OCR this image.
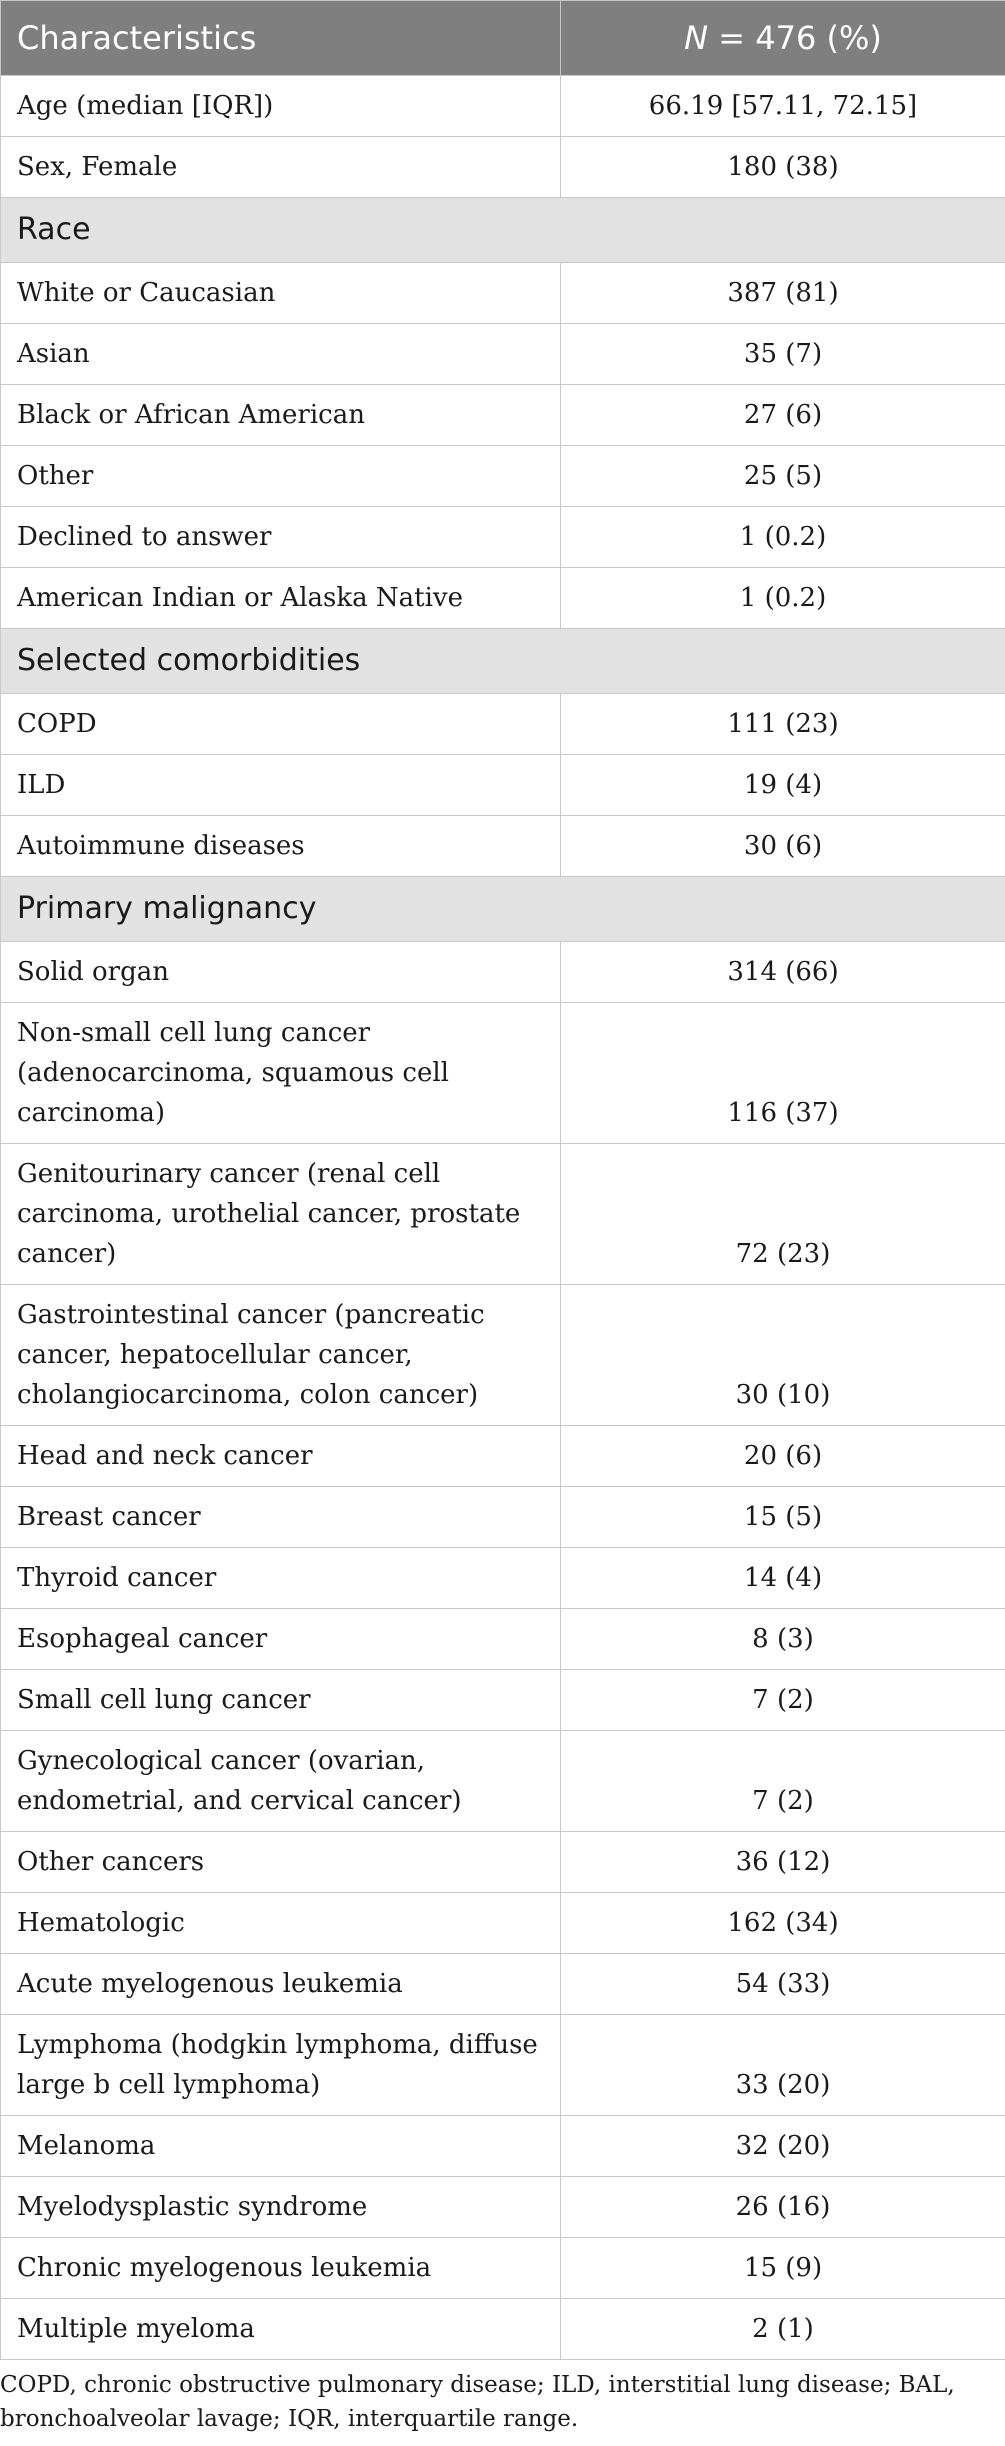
Characteristics	N = 476 (%)
Age (median [IQR])	66.19 [57.11, 72.15]
Sex, Female	180 (38)
Race	
White or Caucasian	387 (81)
Asian	35 (7)
Black or African American	27 (6)
Other	25 (5)
Declined to answer	1 (0.2)
American Indian or Alaska Native	1 (0.2)
Selected comorbidities	
COPD	111 (23)
ILD	19 (4)
Autoimmune diseases	30 (6)
Primary malignancy	
Solid organ	314 (66)
Non-small cell lung cancer (adenocarcinoma, squamous cell carcinoma)	116 (37)
Genitourinary cancer (renal cell carcinoma, urothelial cancer, prostate cancer)	72 (23)
Gastrointestinal cancer (pancreatic cancer, hepatocellular cancer, cholangiocarcinoma, colon cancer)	30 (10)
Head and neck cancer	20 (6)
Breast cancer	15 (5)
Thyroid cancer	14 (4)
Esophageal cancer	8 (3)
Small cell lung cancer	7 (2)
Gynecological cancer (ovarian, endometrial, and cervical cancer)	7 (2)
Other cancers	36 (12)
Hematologic	162 (34)
Acute myelogenous leukemia	54 (33)
Lymphoma (hodgkin lymphoma, diffuse large b cell lymphoma)	33 (20)
Melanoma	32 (20)
Myelodysplastic syndrome	26 (16)
Chronic myelogenous leukemia	15 (9)
Multiple myeloma	2 (1)
COPD, chronic obstructive pulmonary disease; ILD, interstitial lung disease; BAL, bronchoalveolar lavage; IQR, interquartile range.
